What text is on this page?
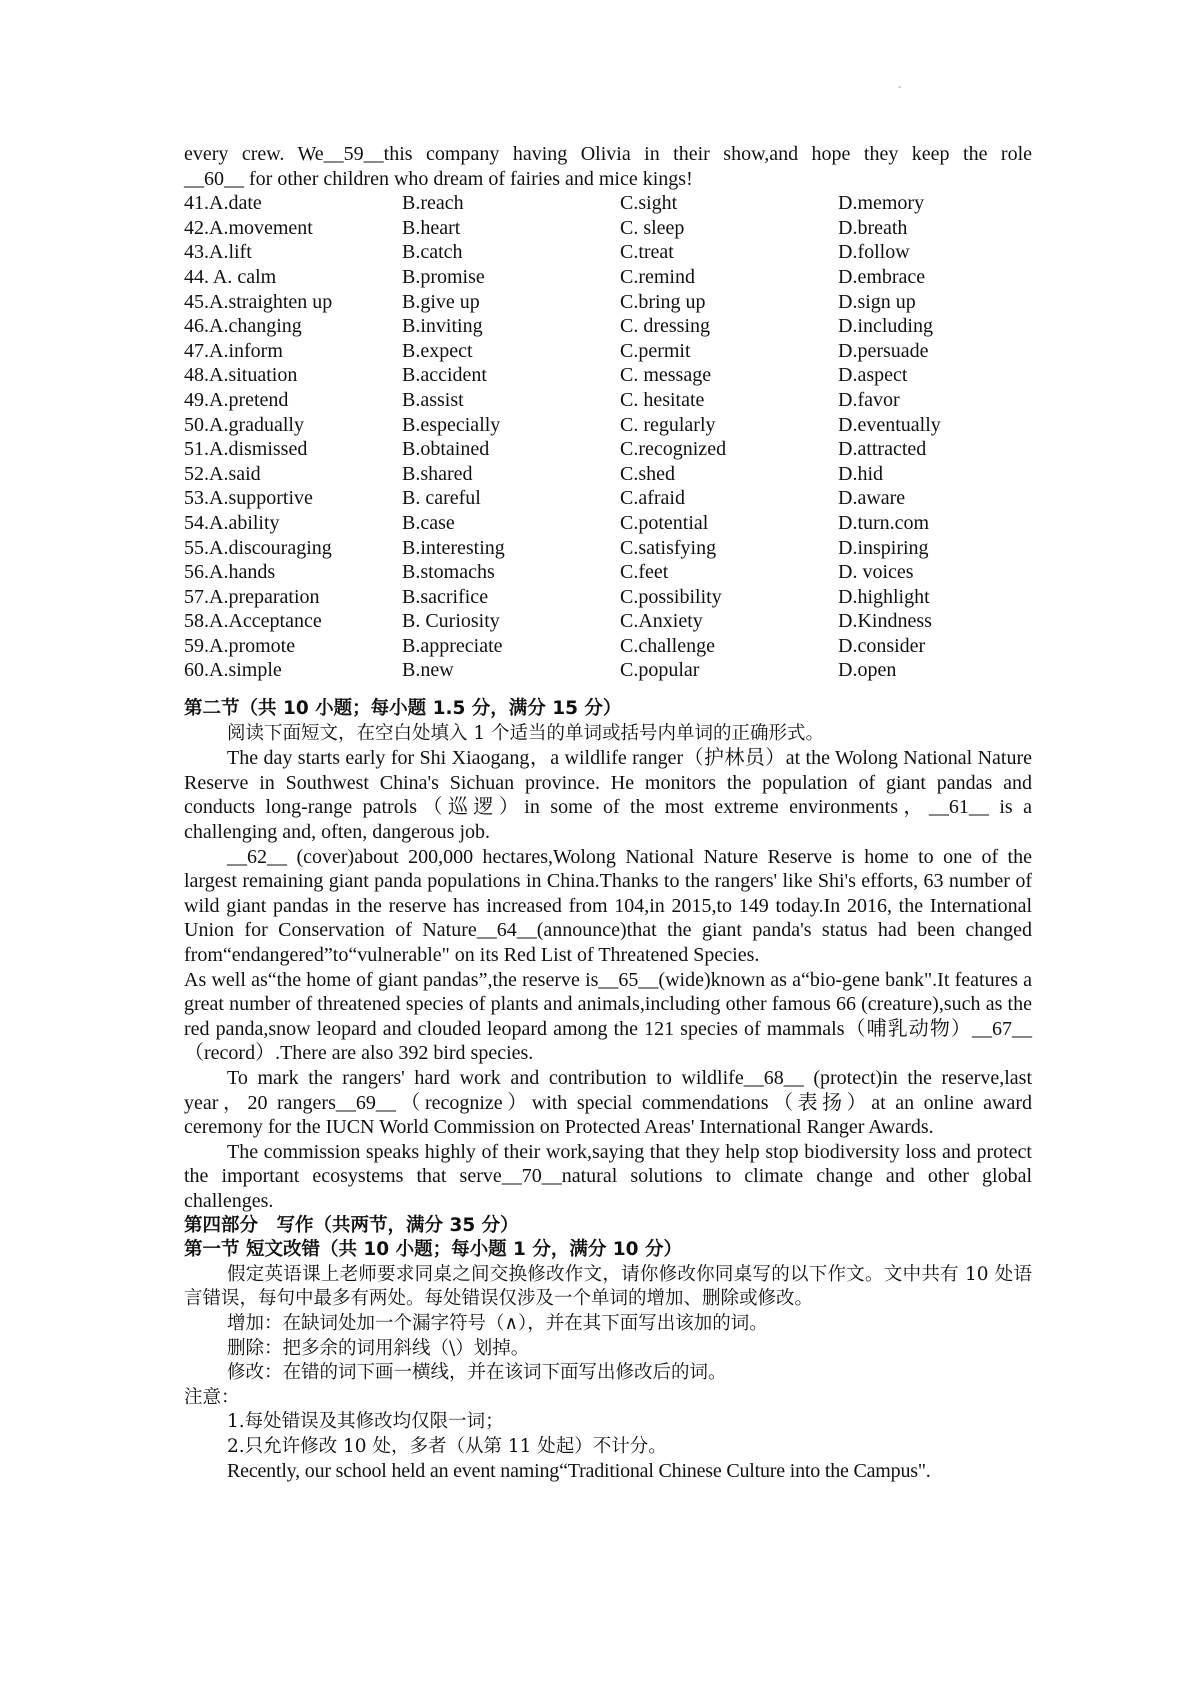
-

every crew. We__59__this company having Olivia in their show,and hope they keep the role

__60__ for other children who dream of fairies and mice kings!

41.A.date	B.reach	C.sight	D.memory
42.A.movement	B.heart	C. sleep	D.breath
43.A.lift	B.catch	C.treat	D.follow
44. A. calm	B.promise	C.remind	D.embrace
45.A.straighten up	B.give up	C.bring up	D.sign up
46.A.changing	B.inviting	C. dressing	D.including
47.A.inform	B.expect	C.permit	D.persuade
48.A.situation	B.accident	C. message	D.aspect
49.A.pretend	B.assist	C. hesitate	D.favor
50.A.gradually	B.especially	C. regularly	D.eventually
51.A.dismissed	B.obtained	C.recognized	D.attracted
52.A.said	B.shared	C.shed	D.hid
53.A.supportive	B. careful	C.afraid	D.aware
54.A.ability	B.case	C.potential	D.turn.com
55.A.discouraging	B.interesting	C.satisfying	D.inspiring
56.A.hands	B.stomachs	C.feet	D. voices
57.A.preparation	B.sacrifice	C.possibility	D.highlight
58.A.Acceptance	B. Curiosity	C.Anxiety	D.Kindness
59.A.promote	B.appreciate	C.challenge	D.consider
60.A.simple	B.new	C.popular	D.open

第二节（共 10 小题；每小题 1.5 分，满分 15 分）

阅读下面短文，在空白处填入 1 个适当的单词或括号内单词的正确形式。

The day starts early for Shi Xiaogang，a wildlife ranger（护林员）at the Wolong National Nature Reserve in Southwest China's Sichuan province. He monitors the population of giant pandas and conducts long-range patrols（巡逻）in some of the most extreme environments，__61__ is a challenging and, often, dangerous job.

__62__ (cover)about 200,000 hectares,Wolong National Nature Reserve is home to one of the largest remaining giant panda populations in China.Thanks to the rangers' like Shi's efforts, 63 number of wild giant pandas in the reserve has increased from 104,in 2015,to 149 today.In 2016, the International Union for Conservation of Nature__64__(announce)that the giant panda's status had been changed from“endangered”to“vulnerable" on its Red List of Threatened Species.

As well as“the home of giant pandas”,the reserve is__65__(wide)known as a“bio-gene bank".It features a great number of threatened species of plants and animals,including other famous 66 (creature),such as the red panda,snow leopard and clouded leopard among the 121 species of mammals（哺乳动物）__67__（record）.There are also 392 bird species.

To mark the rangers' hard work and contribution to wildlife__68__ (protect)in the reserve,last year，20 rangers__69__（recognize）with special commendations（表扬）at an online award ceremony for the IUCN World Commission on Protected Areas' International Ranger Awards.

The commission speaks highly of their work,saying that they help stop biodiversity loss and protect the important ecosystems that serve__70__natural solutions to climate change and other global challenges.

第四部分　写作（共两节，满分 35 分）

第一节 短文改错（共 10 小题；每小题 1 分，满分 10 分）

假定英语课上老师要求同桌之间交换修改作文，请你修改你同桌写的以下作文。文中共有 10 处语言错误，每句中最多有两处。每处错误仅涉及一个单词的增加、删除或修改。

增加：在缺词处加一个漏字符号（∧），并在其下面写出该加的词。

删除：把多余的词用斜线（\）划掉。

修改：在错的词下画一横线，并在该词下面写出修改后的词。

注意：

1.每处错误及其修改均仅限一词；

2.只允许修改 10 处，多者（从第 11 处起）不计分。

Recently, our school held an event naming“Traditional Chinese Culture into the Campus".
